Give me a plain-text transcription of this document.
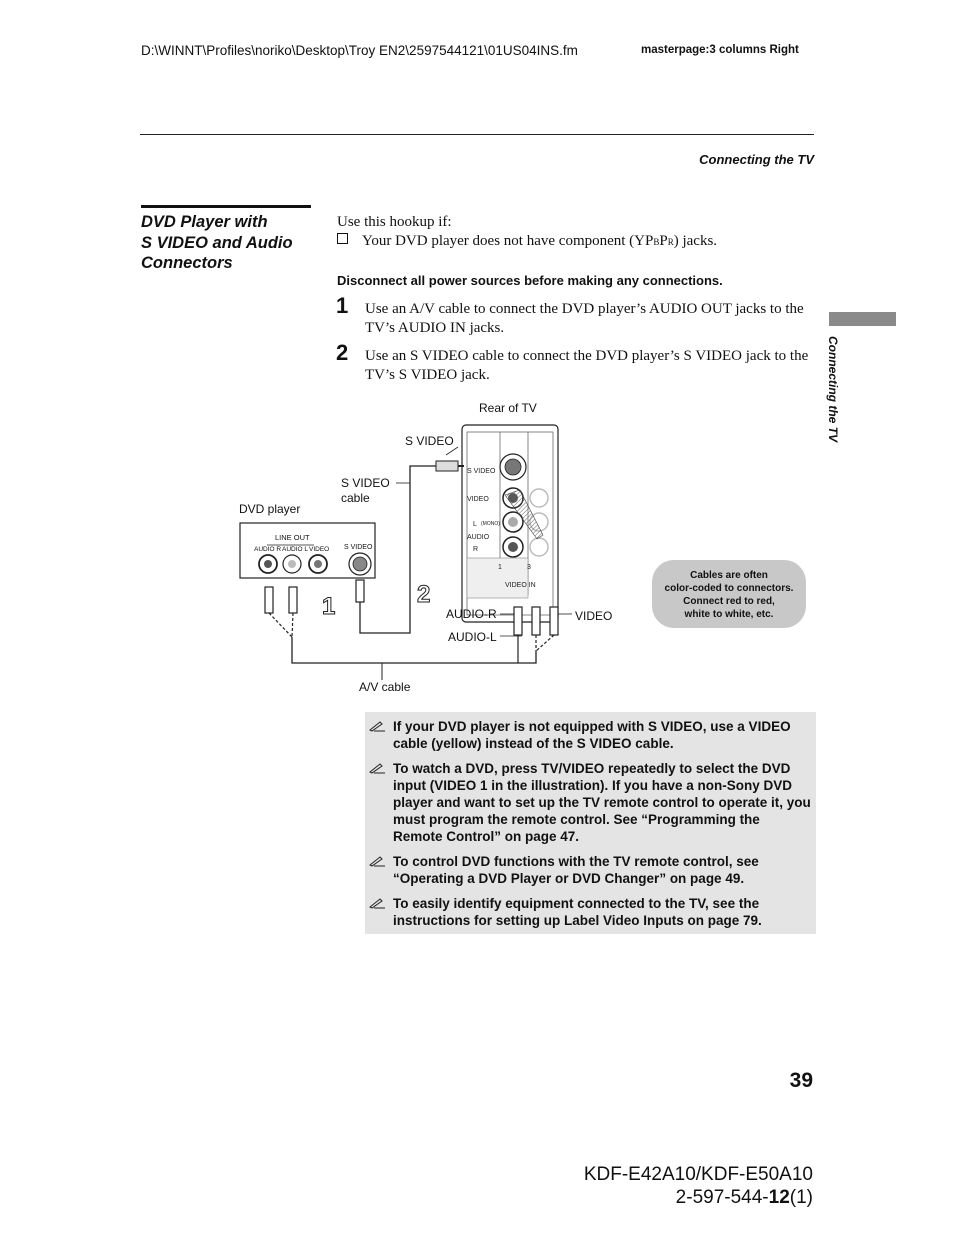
D:\WINNT\Profiles\noriko\Desktop\Troy EN2\2597544121\01US04INS.fm	masterpage:3 columns Right
Connecting the TV
DVD Player with
S VIDEO and Audio
Connectors
Use this hookup if:
Your DVD player does not have component (YPBPR) jacks.
Disconnect all power sources before making any connections.
1 Use an A/V cable to connect the DVD player’s AUDIO OUT jacks to the TV’s AUDIO IN jacks.
2 Use an S VIDEO cable to connect the DVD player’s S VIDEO jack to the TV’s S VIDEO jack.	Connecting the TV
S VIDEO
VIDEO
L (MONO)
AUDIO
R
1	3
VIDEO IN
LINE OUT
AUDIO R AUDIO L VIDEO S VIDEO
1	2
Rear of TV
S VIDEO
S VIDEO
cable
DVD player
AUDIO-R
AUDIO-L
VIDEO
A/V cable
Cables are often
color-coded to connectors.
Connect red to red,
white to white, etc.
If your DVD player is not equipped with S VIDEO, use a VIDEO cable (yellow) instead of the S VIDEO cable.
To watch a DVD, press TV/VIDEO repeatedly to select the DVD input (VIDEO 1 in the illustration). If you have a non-Sony DVD player and want to set up the TV remote control to operate it, you must program the remote control. See “Programming the Remote Control” on page 47.
To control DVD functions with the TV remote control, see “Operating a DVD Player or DVD Changer” on page 49.
To easily identify equipment connected to the TV, see the instructions for setting up Label Video Inputs on page 79.
39
KDF-E42A10/KDF-E50A10
2-597-544-12(1)
